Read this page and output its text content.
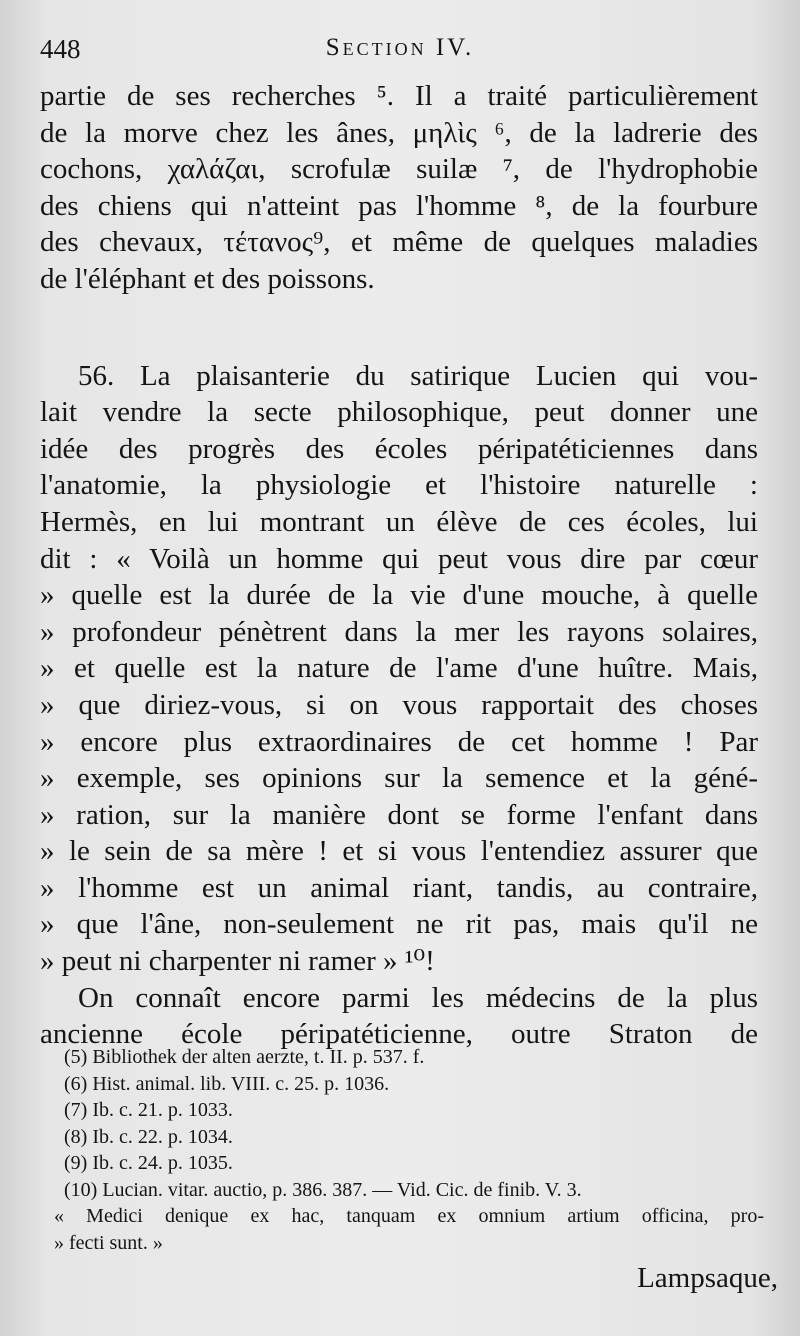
448	Section IV.
partie de ses recherches ⁵. Il a traité particulièrement
de la morve chez les ânes, μηλὶς ⁶, de la ladrerie des
cochons, χαλάζαι, scrofulæ suilæ ⁷, de l'hydrophobie
des chiens qui n'atteint pas l'homme ⁸, de la fourbure
des chevaux, τέτανος⁹, et même de quelques maladies
de l'éléphant et des poissons.
56. La plaisanterie du satirique Lucien qui vou-
lait vendre la secte philosophique, peut donner une
idée des progrès des écoles péripatéticiennes dans
l'anatomie, la physiologie et l'histoire naturelle :
Hermès, en lui montrant un élève de ces écoles, lui
dit : « Voilà un homme qui peut vous dire par cœur
» quelle est la durée de la vie d'une mouche, à quelle
» profondeur pénètrent dans la mer les rayons solaires,
» et quelle est la nature de l'ame d'une huître. Mais,
» que diriez-vous, si on vous rapportait des choses
» encore plus extraordinaires de cet homme ! Par
» exemple, ses opinions sur la semence et la géné-
» ration, sur la manière dont se forme l'enfant dans
» le sein de sa mère ! et si vous l'entendiez assurer que
» l'homme est un animal riant, tandis, au contraire,
» que l'âne, non-seulement ne rit pas, mais qu'il ne
» peut ni charpenter ni ramer » ¹⁰!
On connaît encore parmi les médecins de la plus
ancienne école péripatéticienne, outre Straton de
(5) Bibliothek der alten aerzte, t. II. p. 537. f.
(6) Hist. animal. lib. VIII. c. 25. p. 1036.
(7) Ib. c. 21. p. 1033.
(8) Ib. c. 22. p. 1034.
(9) Ib. c. 24. p. 1035.
(10) Lucian. vitar. auctio, p. 386. 387. — Vid. Cic. de finib. V. 3.
« Medici denique ex hac, tanquam ex omnium artium officina, pro-
» fecti sunt. »
Lampsaque,
